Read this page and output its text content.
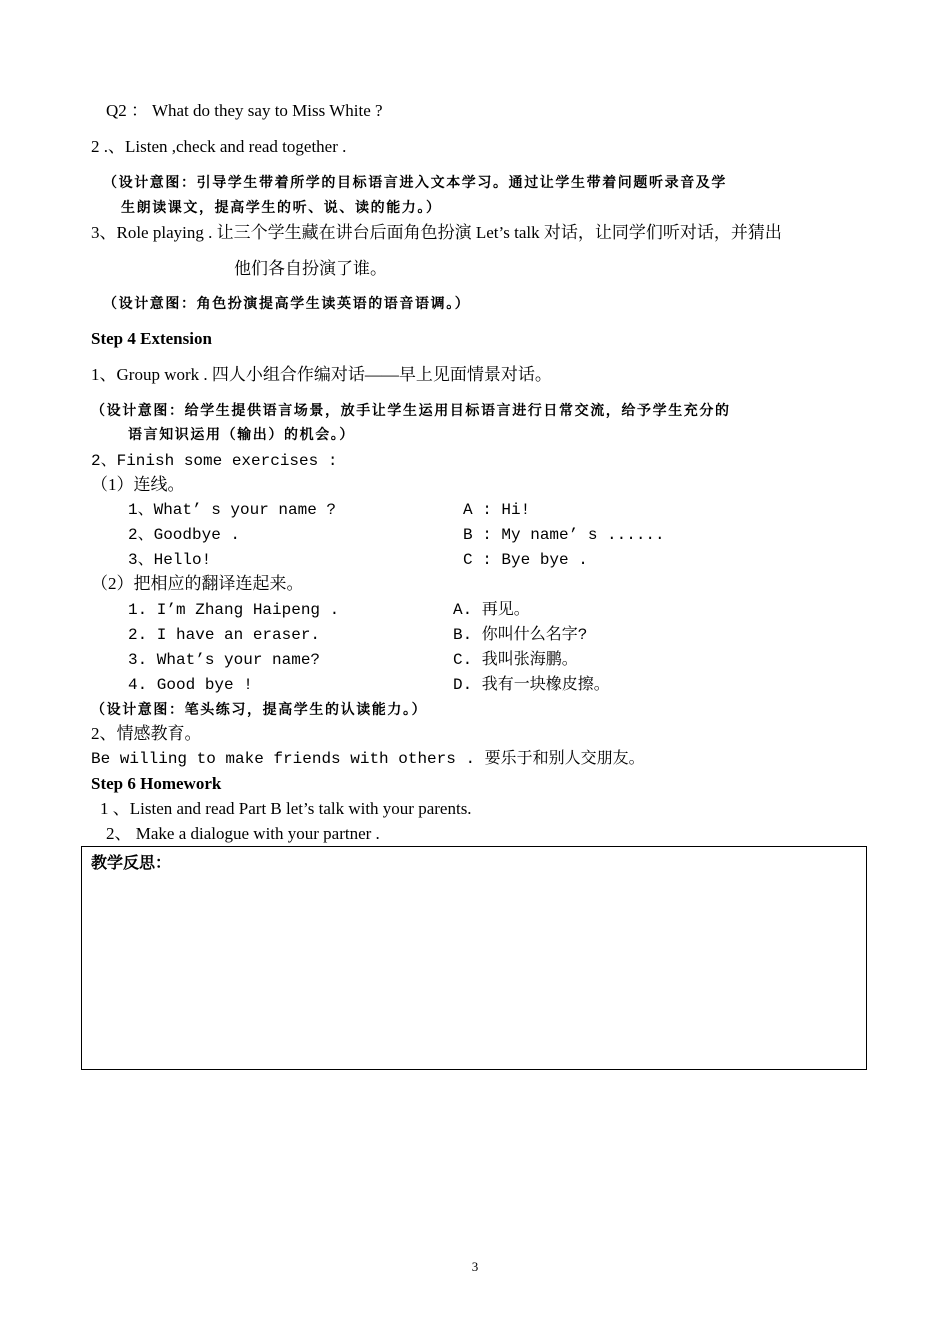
Q2 ： What do they say to Miss White ?
2 .、Listen ,check and read together .
（设计意图：引导学生带着所学的目标语言进入文本学习。通过让学生带着问题听录音及学
生朗读课文，提高学生的听、说、读的能力。）
3、Role playing . 让三个学生藏在讲台后面角色扮演 Let’s talk 对话，让同学们听对话，并猜出
他们各自扮演了谁。
（设计意图：角色扮演提高学生读英语的语音语调。）
Step 4 Extension
1、Group work . 四人小组合作编对话——早上见面情景对话。
（设计意图：给学生提供语言场景，放手让学生运用目标语言进行日常交流，给予学生充分的
语言知识运用（输出）的机会。）
2、Finish some exercises :
（1）连线。
1、What’ s your name ?	A : Hi!
2、Goodbye .	B : My name’ s ......
3、Hello!	C : Bye bye .
（2）把相应的翻译连起来。
1. I’m Zhang Haipeng .	A. 再见。
2. I have an eraser.	B. 你叫什么名字?
3. What’s your name?	C. 我叫张海鹏。
4. Good bye !	D. 我有一块橡皮擦。
（设计意图：笔头练习，提高学生的认读能力。）
2、情感教育。
Be willing to make friends with others . 要乐于和别人交朋友。
Step 6 Homework
1 、Listen and read Part B let’s talk with your parents.
2、 Make a dialogue with your partner .
教学反思：
3
